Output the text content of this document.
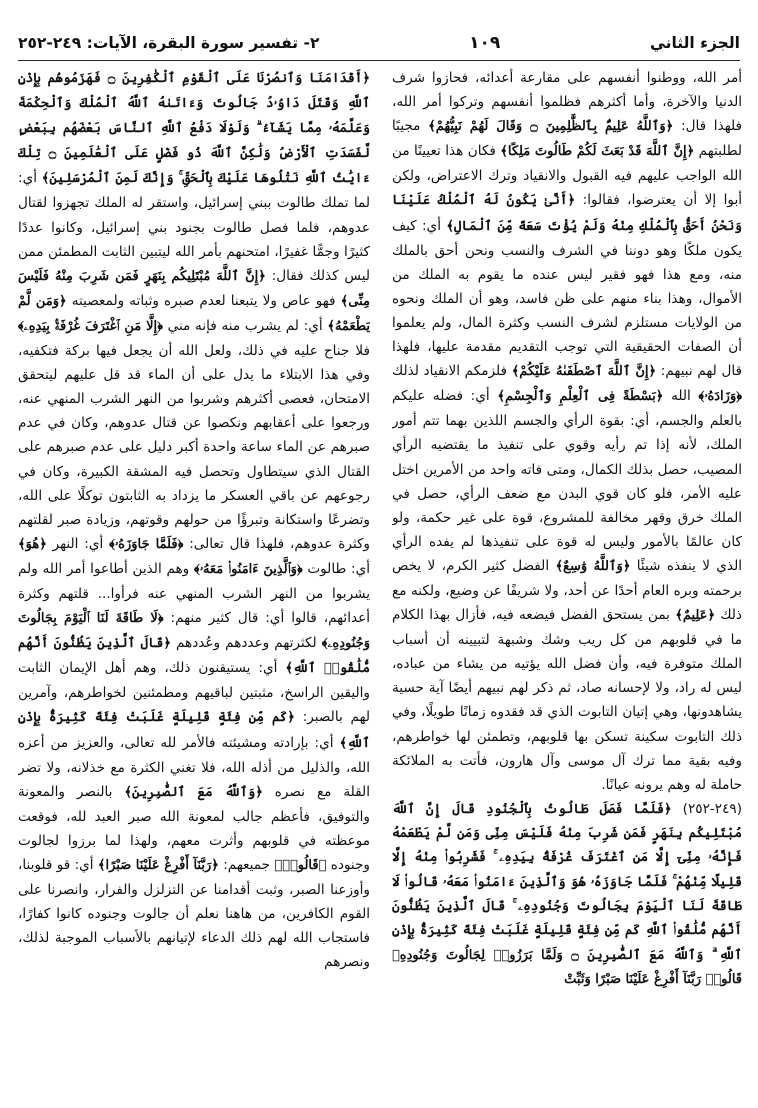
الجزء الثاني
١٠٩
٢- تفسير سورة البقرة، الآيات: ٢٤٩-٢٥٢

أمر الله، ووطنوا أنفسهم على مقارعة أعدائه، فحازوا شرف الدنيا والآخرة، وأما أكثرهم فظلموا أنفسهم وتركوا أمر الله، فلهذا قال: ﴿وَٱللَّهُ عَلِيمٌۢ بِٱلظَّٰلِمِينَ ۝ وَقَالَ لَهُمْ نَبِيُّهُمْ﴾ مجيبًا لطلبتهم ﴿إِنَّ ٱللَّهَ قَدْ بَعَثَ لَكُمْ طَالُوتَ مَلِكًا﴾ فكان هذا تعيينًا من الله الواجب عليهم فيه القبول والانقياد وترك الاعتراض، ولكن أبوا إلا أن يعترضوا، فقالوا: ﴿أَنَّىٰ يَكُونُ لَهُ ٱلْمُلْكُ عَلَيْنَا وَنَحْنُ أَحَقُّ بِٱلْمُلْكِ مِنْهُ وَلَمْ يُؤْتَ سَعَةً مِّنَ ٱلْمَالِ﴾ أي: كيف يكون ملكًا وهو دوننا في الشرف والنسب ونحن أحق بالملك منه، ومع هذا فهو فقير ليس عنده ما يقوم به الملك من الأموال، وهذا بناء منهم على ظن فاسد، وهو أن الملك ونحوه من الولايات مستلزم لشرف النسب وكثرة المال، ولم يعلموا أن الصفات الحقيقية التي توجب التقديم مقدمة عليها، فلهذا قال لهم نبيهم: ﴿إِنَّ ٱللَّهَ ٱصْطَفَىٰهُ عَلَيْكُمْ﴾ فلزمكم الانقياد لذلك ﴿وَزَادَهُۥ﴾ الله ﴿بَسْطَةً فِى ٱلْعِلْمِ وَٱلْجِسْمِ﴾ أي: فضله عليكم بالعلم والجسم، أي: بقوة الرأي والجسم اللذين بهما تتم أمور الملك، لأنه إذا تم رأيه وقوي على تنفيذ ما يقتضيه الرأي المصيب، حصل بذلك الكمال، ومتى فاته واحد من الأمرين اختل عليه الأمر، فلو كان قوي البدن مع ضعف الرأي، حصل في الملك خرق وقهر مخالفة للمشروع، قوة على غير حكمة، ولو كان عالمًا بالأمور وليس له قوة على تنفيذها لم يفده الرأي الذي لا ينفذه شيئًا ﴿وَٱللَّهُ وَٰسِعٌ﴾ الفضل كثير الكرم، لا يخص برحمته وبره العام أحدًا عن أحد، ولا شريفًا عن وضيع، ولكنه مع ذلك ﴿عَلِيمٌ﴾ بمن يستحق الفضل فيضعه فيه، فأزال بهذا الكلام ما في قلوبهم من كل ريب وشك وشبهة لتبيينه أن أسباب الملك متوفرة فيه، وأن فضل الله يؤتيه من يشاء من عباده، ليس له راد، ولا لإحسانه صاد، ثم ذكر لهم نبيهم أيضًا آية حسية يشاهدونها، وهي إتيان التابوت الذي قد فقدوه زمانًا طويلًا، وفي ذلك التابوت سكينة تسكن بها قلوبهم، وتطمئن لها خواطرهم، وفيه بقية مما ترك آل موسى وآل هارون، فأتت به الملائكة حاملة له وهم يرونه عيانًا.

(٢٤٩-٢٥٢) ﴿فَلَمَّا فَصَلَ طَالُوتُ بِٱلْجُنُودِ قَالَ إِنَّ ٱللَّهَ مُبْتَلِيكُم بِنَهَرٍ فَمَن شَرِبَ مِنْهُ فَلَيْسَ مِنِّى وَمَن لَّمْ يَطْعَمْهُ فَإِنَّهُۥ مِنِّىٓ إِلَّا مَنِ ٱغْتَرَفَ غُرْفَةًۢ بِيَدِهِۦ ۚ فَشَرِبُوا۟ مِنْهُ إِلَّا قَلِيلًا مِّنْهُمْ ۚ فَلَمَّا جَاوَزَهُۥ هُوَ وَٱلَّذِينَ ءَامَنُوا۟ مَعَهُۥ قَالُوا۟ لَا طَاقَةَ لَنَا ٱلْيَوْمَ بِجَالُوتَ وَجُنُودِهِۦ ۚ قَالَ ٱلَّذِينَ يَظُنُّونَ أَنَّهُم مُّلَٰقُوا۟ ٱللَّهِ كَم مِّن فِئَةٍ قَلِيلَةٍ غَلَبَتْ فِئَةً كَثِيرَةًۢ بِإِذْنِ ٱللَّهِ ۗ وَٱللَّهُ مَعَ ٱلصَّٰبِرِينَ ۝ وَلَمَّا بَرَزُوا۟ لِجَالُوتَ وَجُنُودِهِۦ قَالُوا۟ رَبَّنَآ أَفْرِغْ عَلَيْنَا صَبْرًا وَثَبِّتْ

﴿أَقْدَامَنَا وَٱنصُرْنَا عَلَى ٱلْقَوْمِ ٱلْكَٰفِرِينَ ۝ فَهَزَمُوهُم بِإِذْنِ ٱللَّهِ وَقَتَلَ دَاوُۥدُ جَالُوتَ وَءَاتَىٰهُ ٱللَّهُ ٱلْمُلْكَ وَٱلْحِكْمَةَ وَعَلَّمَهُۥ مِمَّا يَشَآءُ ۗ وَلَوْلَا دَفْعُ ٱللَّهِ ٱلنَّاسَ بَعْضَهُم بِبَعْضٍ لَّفَسَدَتِ ٱلْأَرْضُ وَلَٰكِنَّ ٱللَّهَ ذُو فَضْلٍ عَلَى ٱلْعَٰلَمِينَ ۝ تِلْكَ ءَايَٰتُ ٱللَّهِ نَتْلُوهَا عَلَيْكَ بِٱلْحَقِّ ۚ وَإِنَّكَ لَمِنَ ٱلْمُرْسَلِينَ﴾ أي: لما تملك طالوت ببني إسرائيل، واستقر له الملك تجهزوا لقتال عدوهم، فلما فصل طالوت بجنود بني إسرائيل، وكانوا عددًا كثيرًا وجمًّا غفيرًا، امتحنهم بأمر الله ليتبين الثابت المطمئن ممن ليس كذلك فقال: ﴿إِنَّ ٱللَّهَ مُبْتَلِيكُم بِنَهَرٍ فَمَن شَرِبَ مِنْهُ فَلَيْسَ مِنِّى﴾ فهو عاص ولا يتبعنا لعدم صبره وثباته ولمعصيته ﴿وَمَن لَّمْ يَطْعَمْهُ﴾ أي: لم يشرب منه فإنه مني ﴿إِلَّا مَنِ ٱغْتَرَفَ غُرْفَةًۢ بِيَدِهِۦ﴾ فلا جناح عليه في ذلك، ولعل الله أن يجعل فيها بركة فتكفيه، وفي هذا الابتلاء ما يدل على أن الماء قد قل عليهم ليتحقق الامتحان، فعصى أكثرهم وشربوا من النهر الشرب المنهي عنه، ورجعوا على أعقابهم ونكصوا عن قتال عدوهم، وكان في عدم صبرهم عن الماء ساعة واحدة أكبر دليل على عدم صبرهم على القتال الذي سيتطاول وتحصل فيه المشقة الكبيرة، وكان في رجوعهم عن باقي العسكر ما يزداد به الثابتون توكلًا على الله، وتضرعًا واستكانة وتبرؤًا من حولهم وقوتهم، وزيادة صبر لقلتهم وكثرة عدوهم، فلهذا قال تعالى: ﴿فَلَمَّا جَاوَزَهُۥ﴾ أي: النهر ﴿هُوَ﴾ أي: طالوت ﴿وَٱلَّذِينَ ءَامَنُوا۟ مَعَهُۥ﴾ وهم الذين أطاعوا أمر الله ولم يشربوا من النهر الشرب المنهي عنه فرأوا... قلتهم وكثرة أعدائهم، قالوا أي: قال كثير منهم: ﴿لَا طَاقَةَ لَنَا ٱلْيَوْمَ بِجَالُوتَ وَجُنُودِهِۦ﴾ لكثرتهم وعددهم وعُددهم ﴿قَالَ ٱلَّذِينَ يَظُنُّونَ أَنَّهُم مُّلَٰقُوا۟ ٱللَّهِ﴾ أي: يستيقنون ذلك، وهم أهل الإيمان الثابت واليقين الراسخ، مثبتين لباقيهم ومطمئنين لخواطرهم، وآمرين لهم بالصبر: ﴿كَم مِّن فِئَةٍ قَلِيلَةٍ غَلَبَتْ فِئَةً كَثِيرَةًۢ بِإِذْنِ ٱللَّهِ﴾ أي: بإرادته ومشيئته فالأمر لله تعالى، والعزيز من أعزه الله، والذليل من أذله الله، فلا تغني الكثرة مع خذلانه، ولا تضر القلة مع نصره ﴿وَٱللَّهُ مَعَ ٱلصَّٰبِرِينَ﴾ بالنصر والمعونة والتوفيق، فأعظم جالب لمعونة الله صبر العبد لله، فوقعت موعظته في قلوبهم وأثرت معهم، ولهذا لما برزوا لجالوت وجنوده ﴿قَالُوا۟﴾ جميعهم: ﴿رَبَّنَآ أَفْرِغْ عَلَيْنَا صَبْرًا﴾ أي: قو قلوبنا، وأوزعنا الصبر، وثبت أقدامنا عن التزلزل والفرار، وانصرنا على القوم الكافرين، من هاهنا نعلم أن جالوت وجنوده كانوا كفارًا، فاستجاب الله لهم ذلك الدعاء لإتيانهم بالأسباب الموجبة لذلك، ونصرهم
